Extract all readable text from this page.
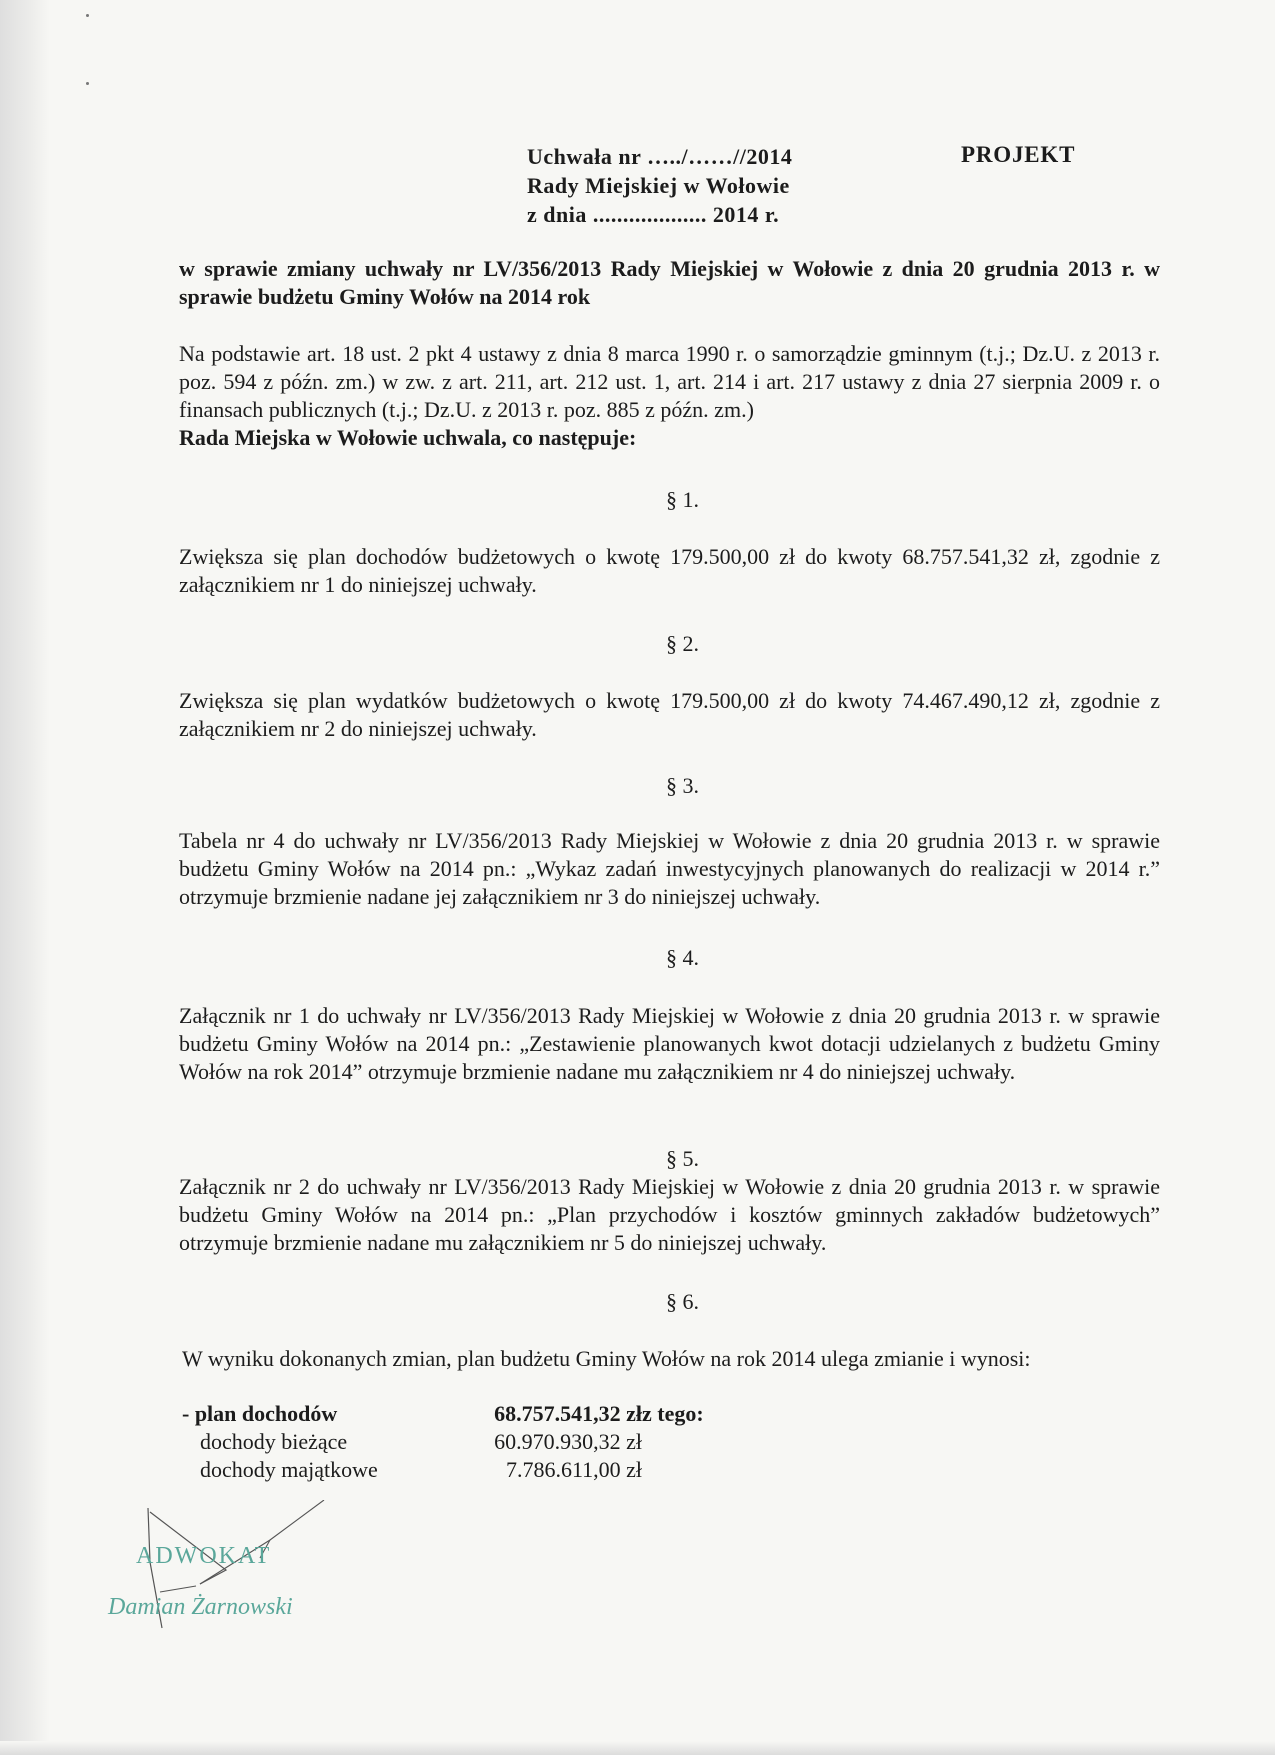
Uchwała nr …../……//2014
Rady Miejskiej w Wołowie
z dnia ................... 2014 r.
PROJEKT
w sprawie zmiany uchwały nr LV/356/2013 Rady Miejskiej w Wołowie z dnia 20 grudnia 2013 r. w sprawie budżetu Gminy Wołów na 2014 rok
Na podstawie art. 18 ust. 2 pkt 4 ustawy z dnia 8 marca 1990 r. o samorządzie gminnym (t.j.; Dz.U. z 2013 r. poz. 594 z późn. zm.) w zw. z art. 211, art. 212 ust. 1, art. 214 i art. 217 ustawy z dnia 27 sierpnia 2009 r. o finansach publicznych (t.j.; Dz.U. z 2013 r. poz. 885 z późn. zm.)
Rada Miejska w Wołowie uchwala, co następuje:
§ 1.
Zwiększa się plan dochodów budżetowych o kwotę 179.500,00 zł do kwoty 68.757.541,32 zł, zgodnie z załącznikiem nr 1 do niniejszej uchwały.
§ 2.
Zwiększa się plan wydatków budżetowych o kwotę 179.500,00 zł do kwoty 74.467.490,12 zł, zgodnie z załącznikiem nr 2 do niniejszej uchwały.
§ 3.
Tabela nr 4 do uchwały nr LV/356/2013 Rady Miejskiej w Wołowie z dnia 20 grudnia 2013 r. w sprawie budżetu Gminy Wołów na 2014 pn.: „Wykaz zadań inwestycyjnych planowanych do realizacji w 2014 r.” otrzymuje brzmienie nadane jej załącznikiem nr 3 do niniejszej uchwały.
§ 4.
Załącznik nr 1 do uchwały nr LV/356/2013 Rady Miejskiej w Wołowie z dnia 20 grudnia 2013 r. w sprawie budżetu Gminy Wołów na 2014 pn.: „Zestawienie planowanych kwot dotacji udzielanych z budżetu Gminy Wołów na rok 2014” otrzymuje brzmienie nadane mu załącznikiem nr 4 do niniejszej uchwały.
§ 5.
Załącznik nr 2 do uchwały nr LV/356/2013 Rady Miejskiej w Wołowie z dnia 20 grudnia 2013 r. w sprawie budżetu Gminy Wołów na 2014 pn.: „Plan przychodów i kosztów gminnych zakładów budżetowych” otrzymuje brzmienie nadane mu załącznikiem nr 5 do niniejszej uchwały.
§ 6.
W wyniku dokonanych zmian, plan budżetu Gminy Wołów na rok 2014 ulega zmianie i wynosi:
- plan dochodów	68.757.541,32 zł z tego:
dochody bieżące	60.970.930,32 zł
dochody majątkowe	7.786.611,00 zł
ADWOKAT
Damian Żarnowski
